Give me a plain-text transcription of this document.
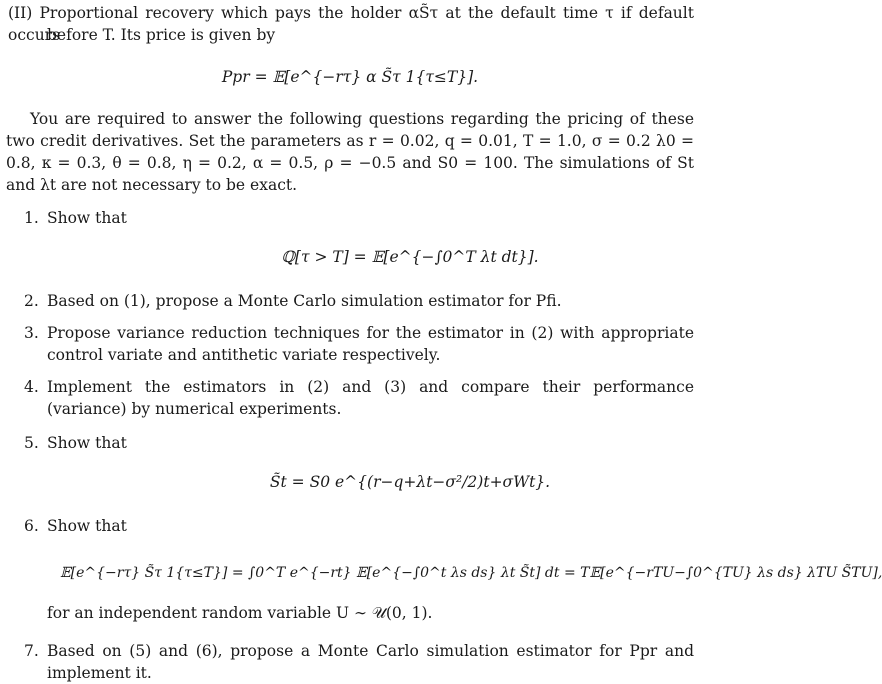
(II) Proportional recovery which pays the holder αS̃τ at the default time τ if default occurs
before T. Its price is given by
Ppr = 𝔼[e^{−rτ} α S̃τ 1{τ≤T}].
You are required to answer the following questions regarding the pricing of these two credit derivatives. Set the parameters as r = 0.02, q = 0.01, T = 1.0, σ = 0.2 λ0 = 0.8, κ = 0.3, θ = 0.8, η = 0.2, α = 0.5, ρ = −0.5 and S0 = 100. The simulations of St and λt are not necessary to be exact.
1. Show that
ℚ[τ > T] = 𝔼[e^{−∫0^T λt dt}].
2. Based on (1), propose a Monte Carlo simulation estimator for Pfi.
3. Propose variance reduction techniques for the estimator in (2) with appropriate control variate and antithetic variate respectively.
4. Implement the estimators in (2) and (3) and compare their performance (variance) by numerical experiments.
5. Show that
S̃t = S0 e^{(r−q+λt−σ²/2)t+σWt}.
6. Show that
𝔼[e^{−rτ} S̃τ 1{τ≤T}] = ∫0^T e^{−rt} 𝔼[e^{−∫0^t λs ds} λt S̃t] dt = T𝔼[e^{−rTU−∫0^{TU} λs ds} λTU S̃TU],
for an independent random variable U ∼ 𝒰(0, 1).
7. Based on (5) and (6), propose a Monte Carlo simulation estimator for Ppr and implement it.
